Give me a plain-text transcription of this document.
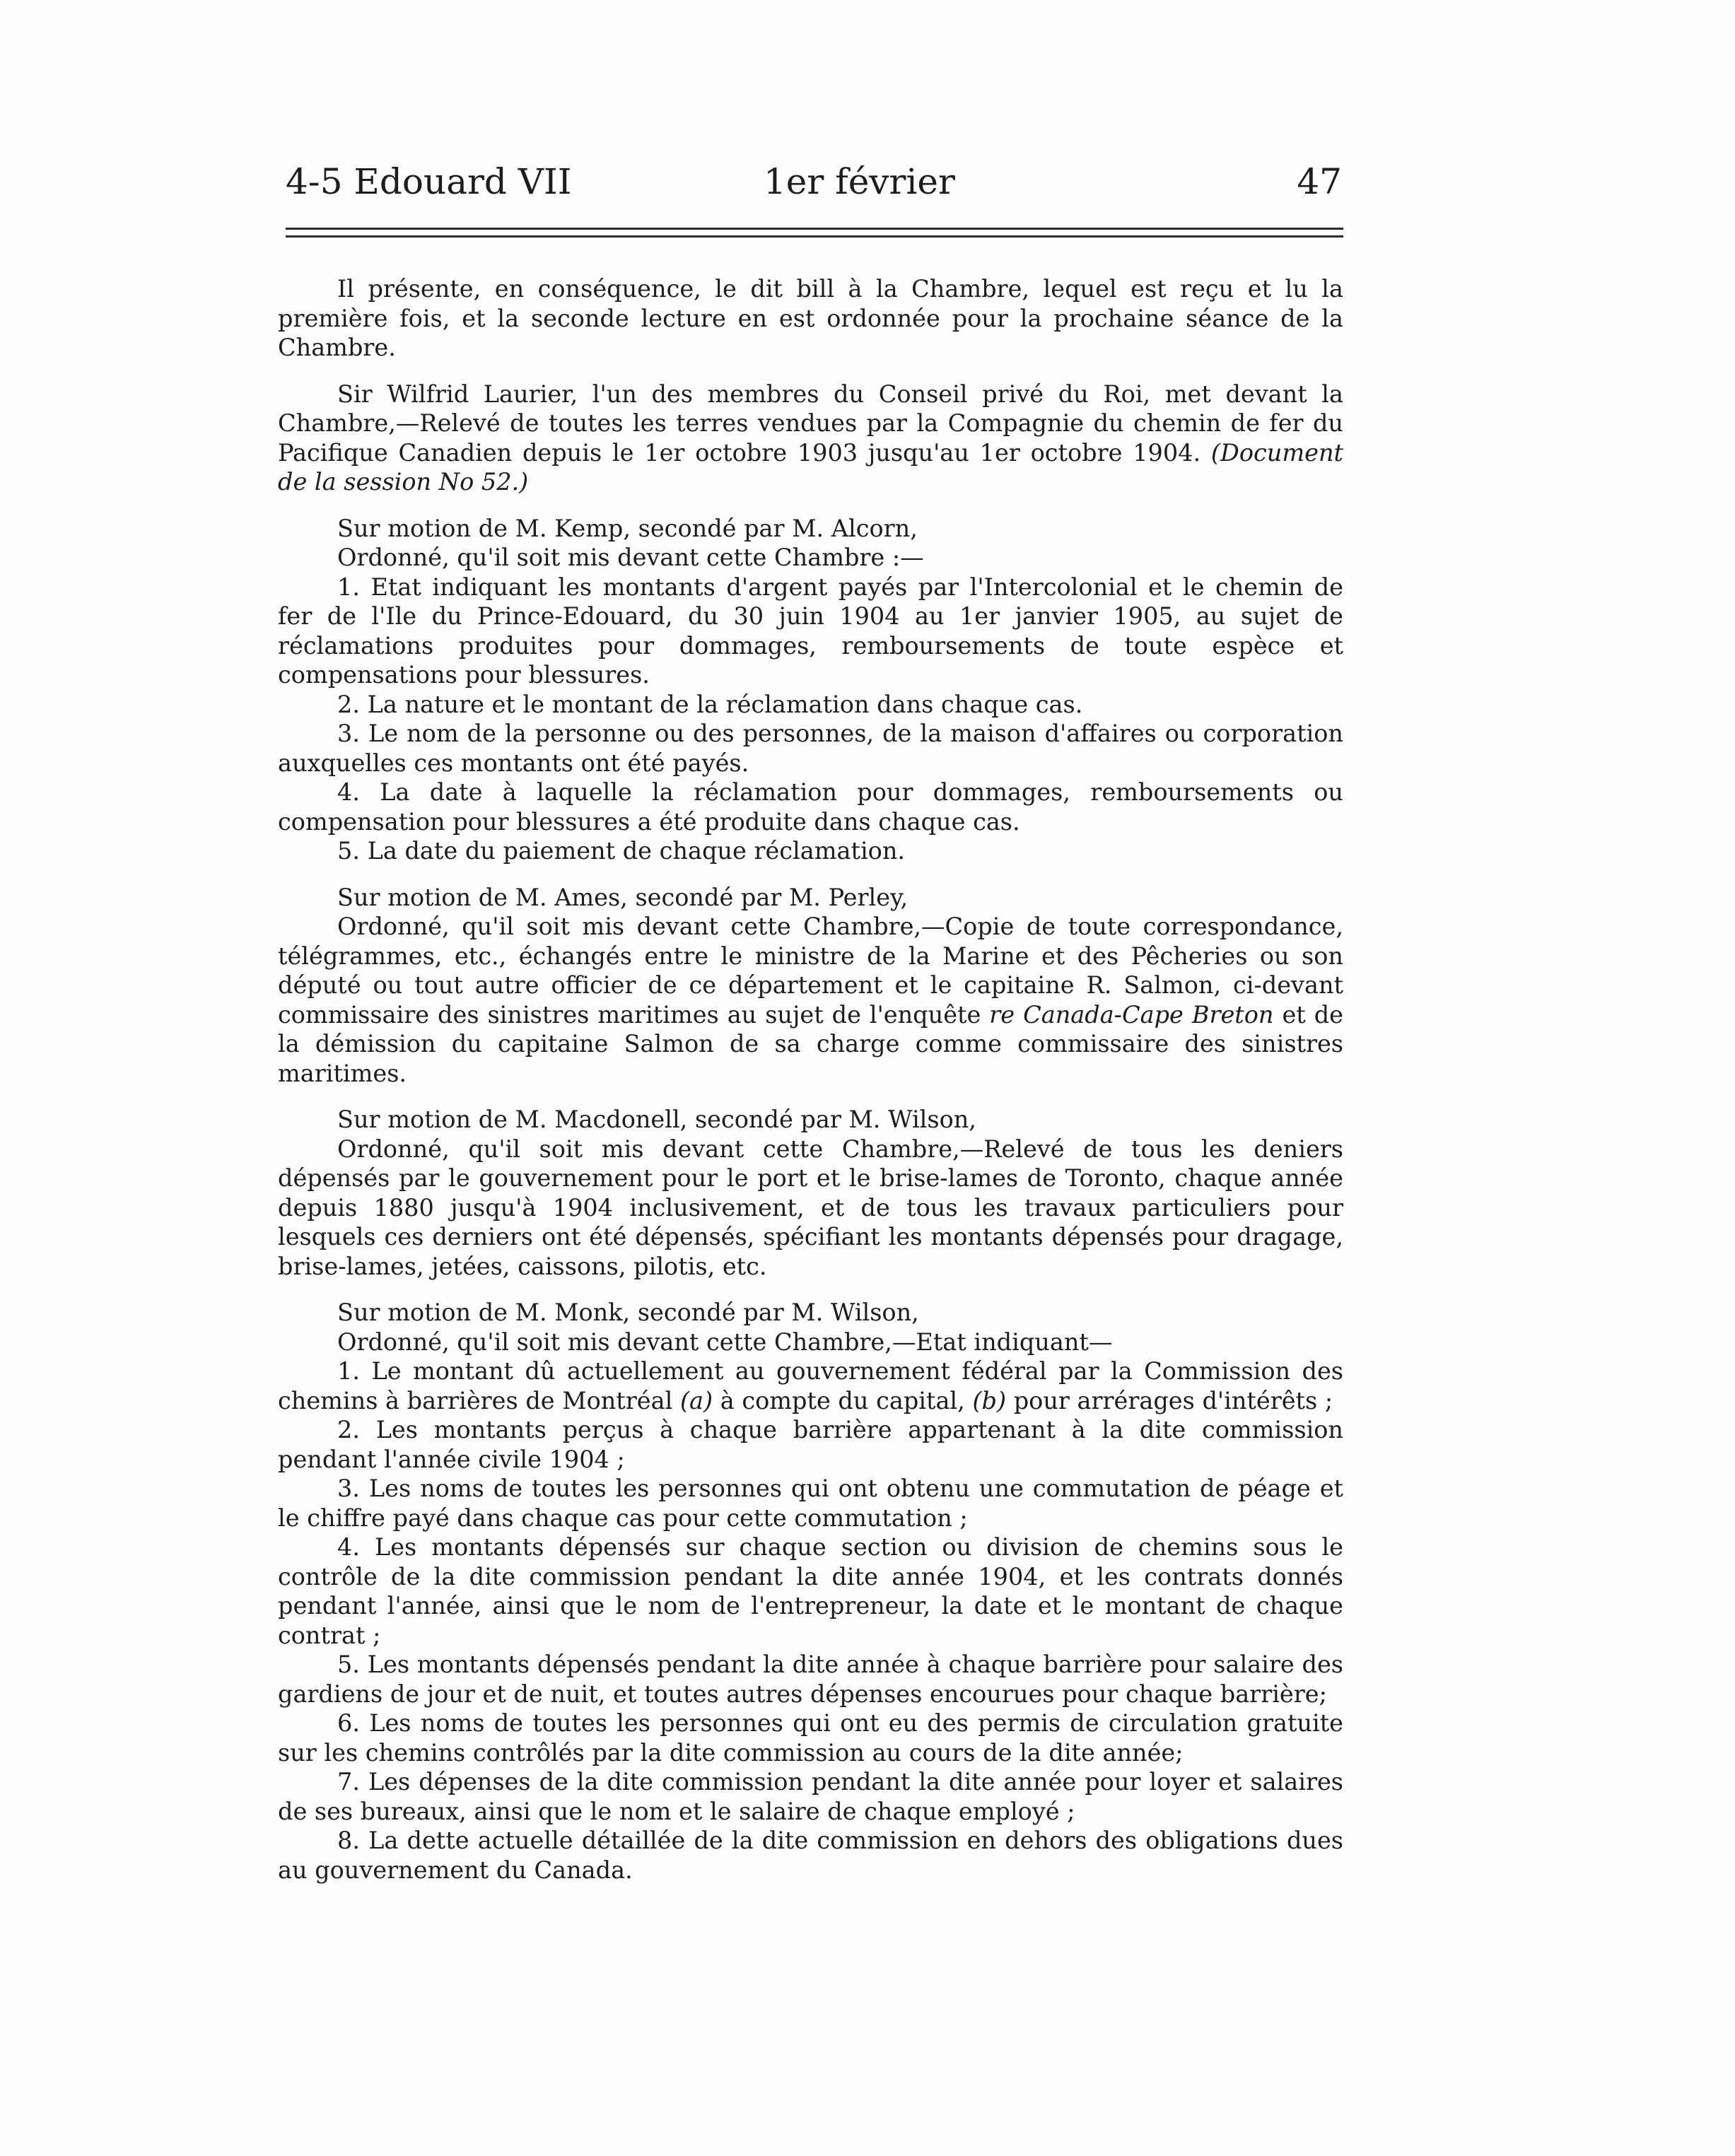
4-5 Edouard VII	1er février	47

Il présente, en conséquence, le dit bill à la Chambre, lequel est reçu et lu la première fois, et la seconde lecture en est ordonnée pour la prochaine séance de la Chambre.

Sir Wilfrid Laurier, l'un des membres du Conseil privé du Roi, met devant la Chambre,—Relevé de toutes les terres vendues par la Compagnie du chemin de fer du Pacifique Canadien depuis le 1er octobre 1903 jusqu'au 1er octobre 1904. (Document de la session No 52.)

Sur motion de M. Kemp, secondé par M. Alcorn,

Ordonné, qu'il soit mis devant cette Chambre :—

1. Etat indiquant les montants d'argent payés par l'Intercolonial et le chemin de fer de l'Ile du Prince-Edouard, du 30 juin 1904 au 1er janvier 1905, au sujet de réclamations produites pour dommages, remboursements de toute espèce et compensations pour blessures.

2. La nature et le montant de la réclamation dans chaque cas.

3. Le nom de la personne ou des personnes, de la maison d'affaires ou corporation auxquelles ces montants ont été payés.

4. La date à laquelle la réclamation pour dommages, remboursements ou compensation pour blessures a été produite dans chaque cas.

5. La date du paiement de chaque réclamation.

Sur motion de M. Ames, secondé par M. Perley,

Ordonné, qu'il soit mis devant cette Chambre,—Copie de toute correspondance, télégrammes, etc., échangés entre le ministre de la Marine et des Pêcheries ou son député ou tout autre officier de ce département et le capitaine R. Salmon, ci-devant commissaire des sinistres maritimes au sujet de l'enquête re Canada-Cape Breton et de la démission du capitaine Salmon de sa charge comme commissaire des sinistres maritimes.

Sur motion de M. Macdonell, secondé par M. Wilson,

Ordonné, qu'il soit mis devant cette Chambre,—Relevé de tous les deniers dépensés par le gouvernement pour le port et le brise-lames de Toronto, chaque année depuis 1880 jusqu'à 1904 inclusivement, et de tous les travaux particuliers pour lesquels ces derniers ont été dépensés, spécifiant les montants dépensés pour dragage, brise-lames, jetées, caissons, pilotis, etc.

Sur motion de M. Monk, secondé par M. Wilson,

Ordonné, qu'il soit mis devant cette Chambre,—Etat indiquant—

1. Le montant dû actuellement au gouvernement fédéral par la Commission des chemins à barrières de Montréal (a) à compte du capital, (b) pour arrérages d'intérêts ;

2. Les montants perçus à chaque barrière appartenant à la dite commission pendant l'année civile 1904 ;

3. Les noms de toutes les personnes qui ont obtenu une commutation de péage et le chiffre payé dans chaque cas pour cette commutation ;

4. Les montants dépensés sur chaque section ou division de chemins sous le contrôle de la dite commission pendant la dite année 1904, et les contrats donnés pendant l'année, ainsi que le nom de l'entrepreneur, la date et le montant de chaque contrat ;

5. Les montants dépensés pendant la dite année à chaque barrière pour salaire des gardiens de jour et de nuit, et toutes autres dépenses encourues pour chaque barrière;

6. Les noms de toutes les personnes qui ont eu des permis de circulation gratuite sur les chemins contrôlés par la dite commission au cours de la dite année;

7. Les dépenses de la dite commission pendant la dite année pour loyer et salaires de ses bureaux, ainsi que le nom et le salaire de chaque employé ;

8. La dette actuelle détaillée de la dite commission en dehors des obligations dues au gouvernement du Canada.
